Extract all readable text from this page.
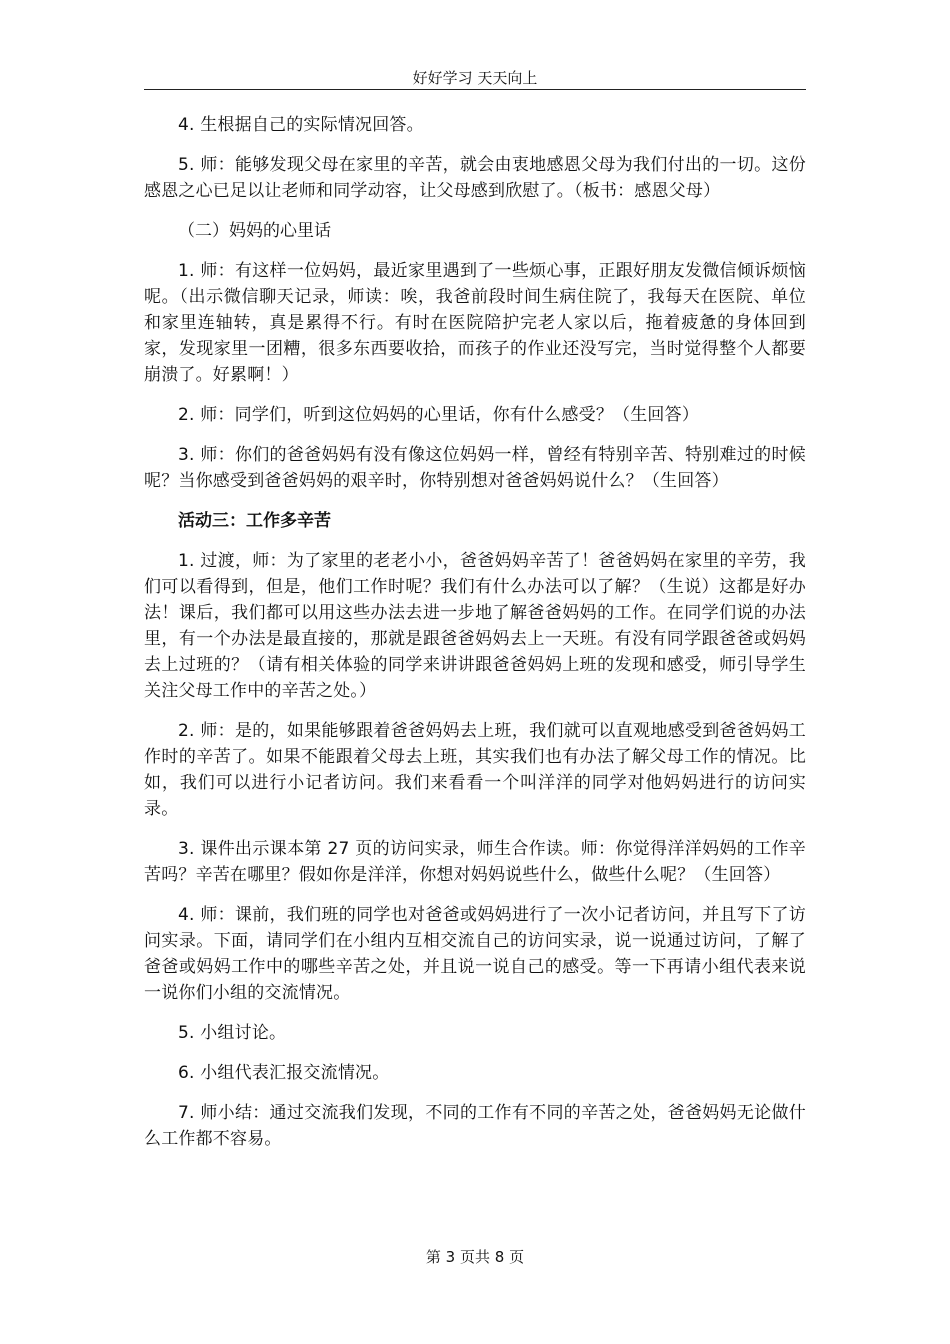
好好学习 天天向上

4. 生根据自己的实际情况回答。

5. 师：能够发现父母在家里的辛苦，就会由衷地感恩父母为我们付出的一切。这份感恩之心已足以让老师和同学动容，让父母感到欣慰了。（板书：感恩父母）

（二）妈妈的心里话

1. 师：有这样一位妈妈，最近家里遇到了一些烦心事，正跟好朋友发微信倾诉烦恼呢。（出示微信聊天记录，师读：唉，我爸前段时间生病住院了，我每天在医院、单位和家里连轴转，真是累得不行。有时在医院陪护完老人家以后，拖着疲惫的身体回到家，发现家里一团糟，很多东西要收拾，而孩子的作业还没写完，当时觉得整个人都要崩溃了。好累啊！）

2. 师：同学们，听到这位妈妈的心里话，你有什么感受？（生回答）

3. 师：你们的爸爸妈妈有没有像这位妈妈一样，曾经有特别辛苦、特别难过的时候呢？当你感受到爸爸妈妈的艰辛时，你特别想对爸爸妈妈说什么？（生回答）

活动三：工作多辛苦

1. 过渡，师：为了家里的老老小小，爸爸妈妈辛苦了！爸爸妈妈在家里的辛劳，我们可以看得到，但是，他们工作时呢？我们有什么办法可以了解？（生说）这都是好办法！课后，我们都可以用这些办法去进一步地了解爸爸妈妈的工作。在同学们说的办法里，有一个办法是最直接的，那就是跟爸爸妈妈去上一天班。有没有同学跟爸爸或妈妈去上过班的？（请有相关体验的同学来讲讲跟爸爸妈妈上班的发现和感受，师引导学生关注父母工作中的辛苦之处。）

2. 师：是的，如果能够跟着爸爸妈妈去上班，我们就可以直观地感受到爸爸妈妈工作时的辛苦了。如果不能跟着父母去上班，其实我们也有办法了解父母工作的情况。比如，我们可以进行小记者访问。我们来看看一个叫洋洋的同学对他妈妈进行的访问实录。

3. 课件出示课本第 27 页的访问实录，师生合作读。师：你觉得洋洋妈妈的工作辛苦吗？辛苦在哪里？假如你是洋洋，你想对妈妈说些什么，做些什么呢？（生回答）

4. 师：课前，我们班的同学也对爸爸或妈妈进行了一次小记者访问，并且写下了访问实录。下面，请同学们在小组内互相交流自己的访问实录，说一说通过访问，了解了爸爸或妈妈工作中的哪些辛苦之处，并且说一说自己的感受。等一下再请小组代表来说一说你们小组的交流情况。

5. 小组讨论。

6. 小组代表汇报交流情况。

7. 师小结：通过交流我们发现，不同的工作有不同的辛苦之处，爸爸妈妈无论做什么工作都不容易。

第 3 页共 8 页
